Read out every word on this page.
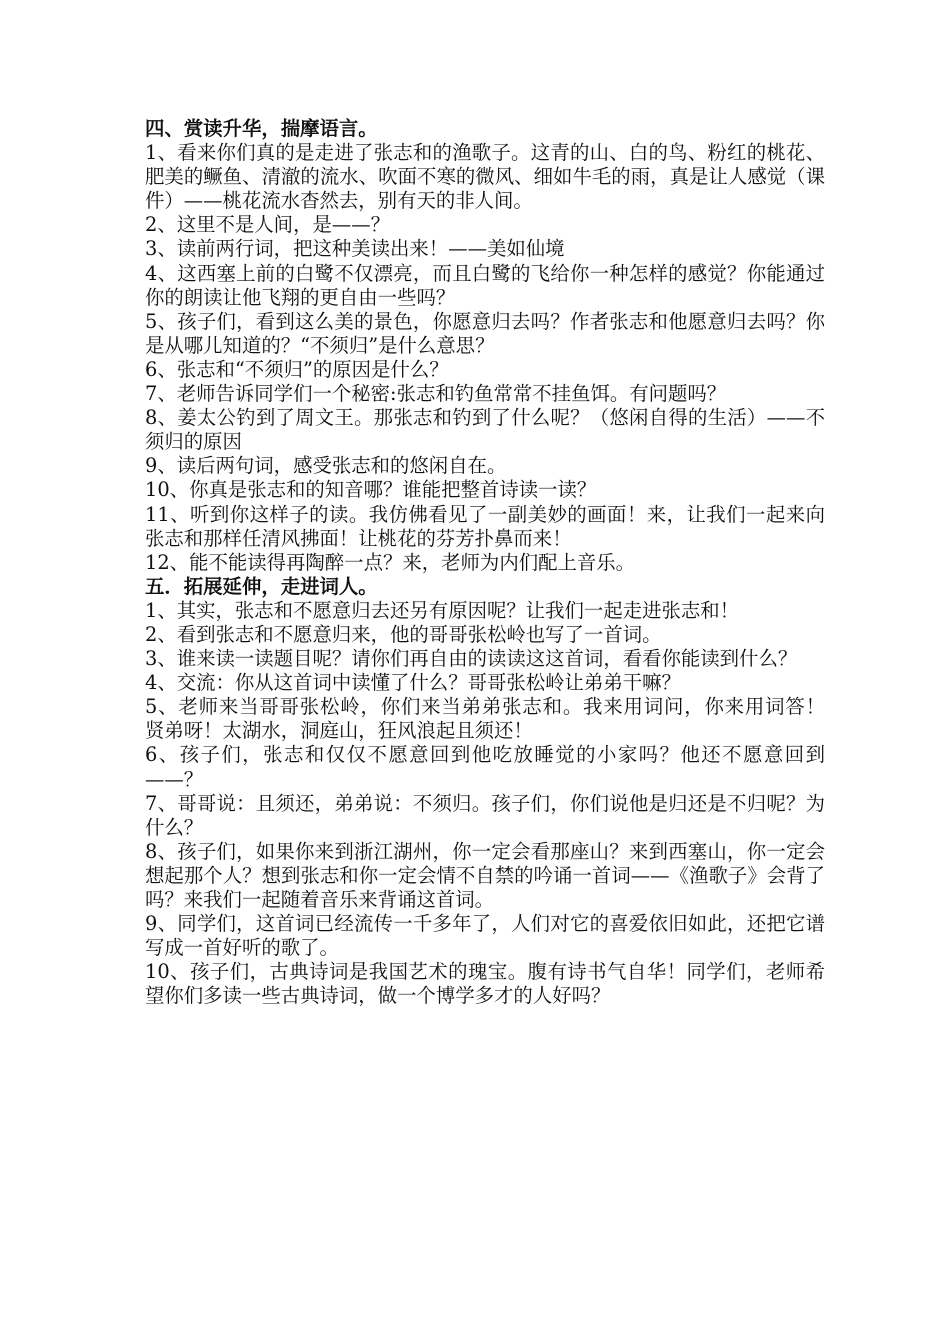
四、赏读升华，揣摩语言。
1、看来你们真的是走进了张志和的渔歌子。这青的山、白的鸟、粉红的桃花、肥美的鳜鱼、清澈的流水、吹面不寒的微风、细如牛毛的雨，真是让人感觉（课件）——桃花流水杳然去，别有天的非人间。
2、这里不是人间，是——？
3、读前两行词，把这种美读出来！——美如仙境
4、这西塞上前的白鹭不仅漂亮，而且白鹭的飞给你一种怎样的感觉？你能通过你的朗读让他飞翔的更自由一些吗？
5、孩子们，看到这么美的景色，你愿意归去吗？作者张志和他愿意归去吗？你是从哪儿知道的？“不须归”是什么意思？
6、张志和“不须归”的原因是什么？
7、老师告诉同学们一个秘密:张志和钓鱼常常不挂鱼饵。有问题吗？
8、姜太公钓到了周文王。那张志和钓到了什么呢？（悠闲自得的生活）——不须归的原因
9、读后两句词，感受张志和的悠闲自在。
10、你真是张志和的知音哪？谁能把整首诗读一读？
11、听到你这样子的读。我仿佛看见了一副美妙的画面！来，让我们一起来向张志和那样任清风拂面！让桃花的芬芳扑鼻而来！
12、能不能读得再陶醉一点？来，老师为内们配上音乐。
五．拓展延伸，走进词人。
1、其实，张志和不愿意归去还另有原因呢？让我们一起走进张志和！
2、看到张志和不愿意归来，他的哥哥张松岭也写了一首词。
3、谁来读一读题目呢？请你们再自由的读读这这首词，看看你能读到什么？
4、交流：你从这首词中读懂了什么？哥哥张松岭让弟弟干嘛？
5、老师来当哥哥张松岭，你们来当弟弟张志和。我来用词问，你来用词答！　贤弟呀！太湖水，洞庭山，狂风浪起且须还！
6、孩子们，张志和仅仅不愿意回到他吃放睡觉的小家吗？他还不愿意回到——？
7、哥哥说：且须还，弟弟说：不须归。孩子们，你们说他是归还是不归呢？为什么？
8、孩子们，如果你来到浙江湖州，你一定会看那座山？来到西塞山，你一定会想起那个人？想到张志和你一定会情不自禁的吟诵一首词——《渔歌子》会背了吗？来我们一起随着音乐来背诵这首词。
9、同学们，这首词已经流传一千多年了，人们对它的喜爱依旧如此，还把它谱写成一首好听的歌了。
10、孩子们，古典诗词是我国艺术的瑰宝。腹有诗书气自华！同学们，老师希望你们多读一些古典诗词，做一个博学多才的人好吗？
